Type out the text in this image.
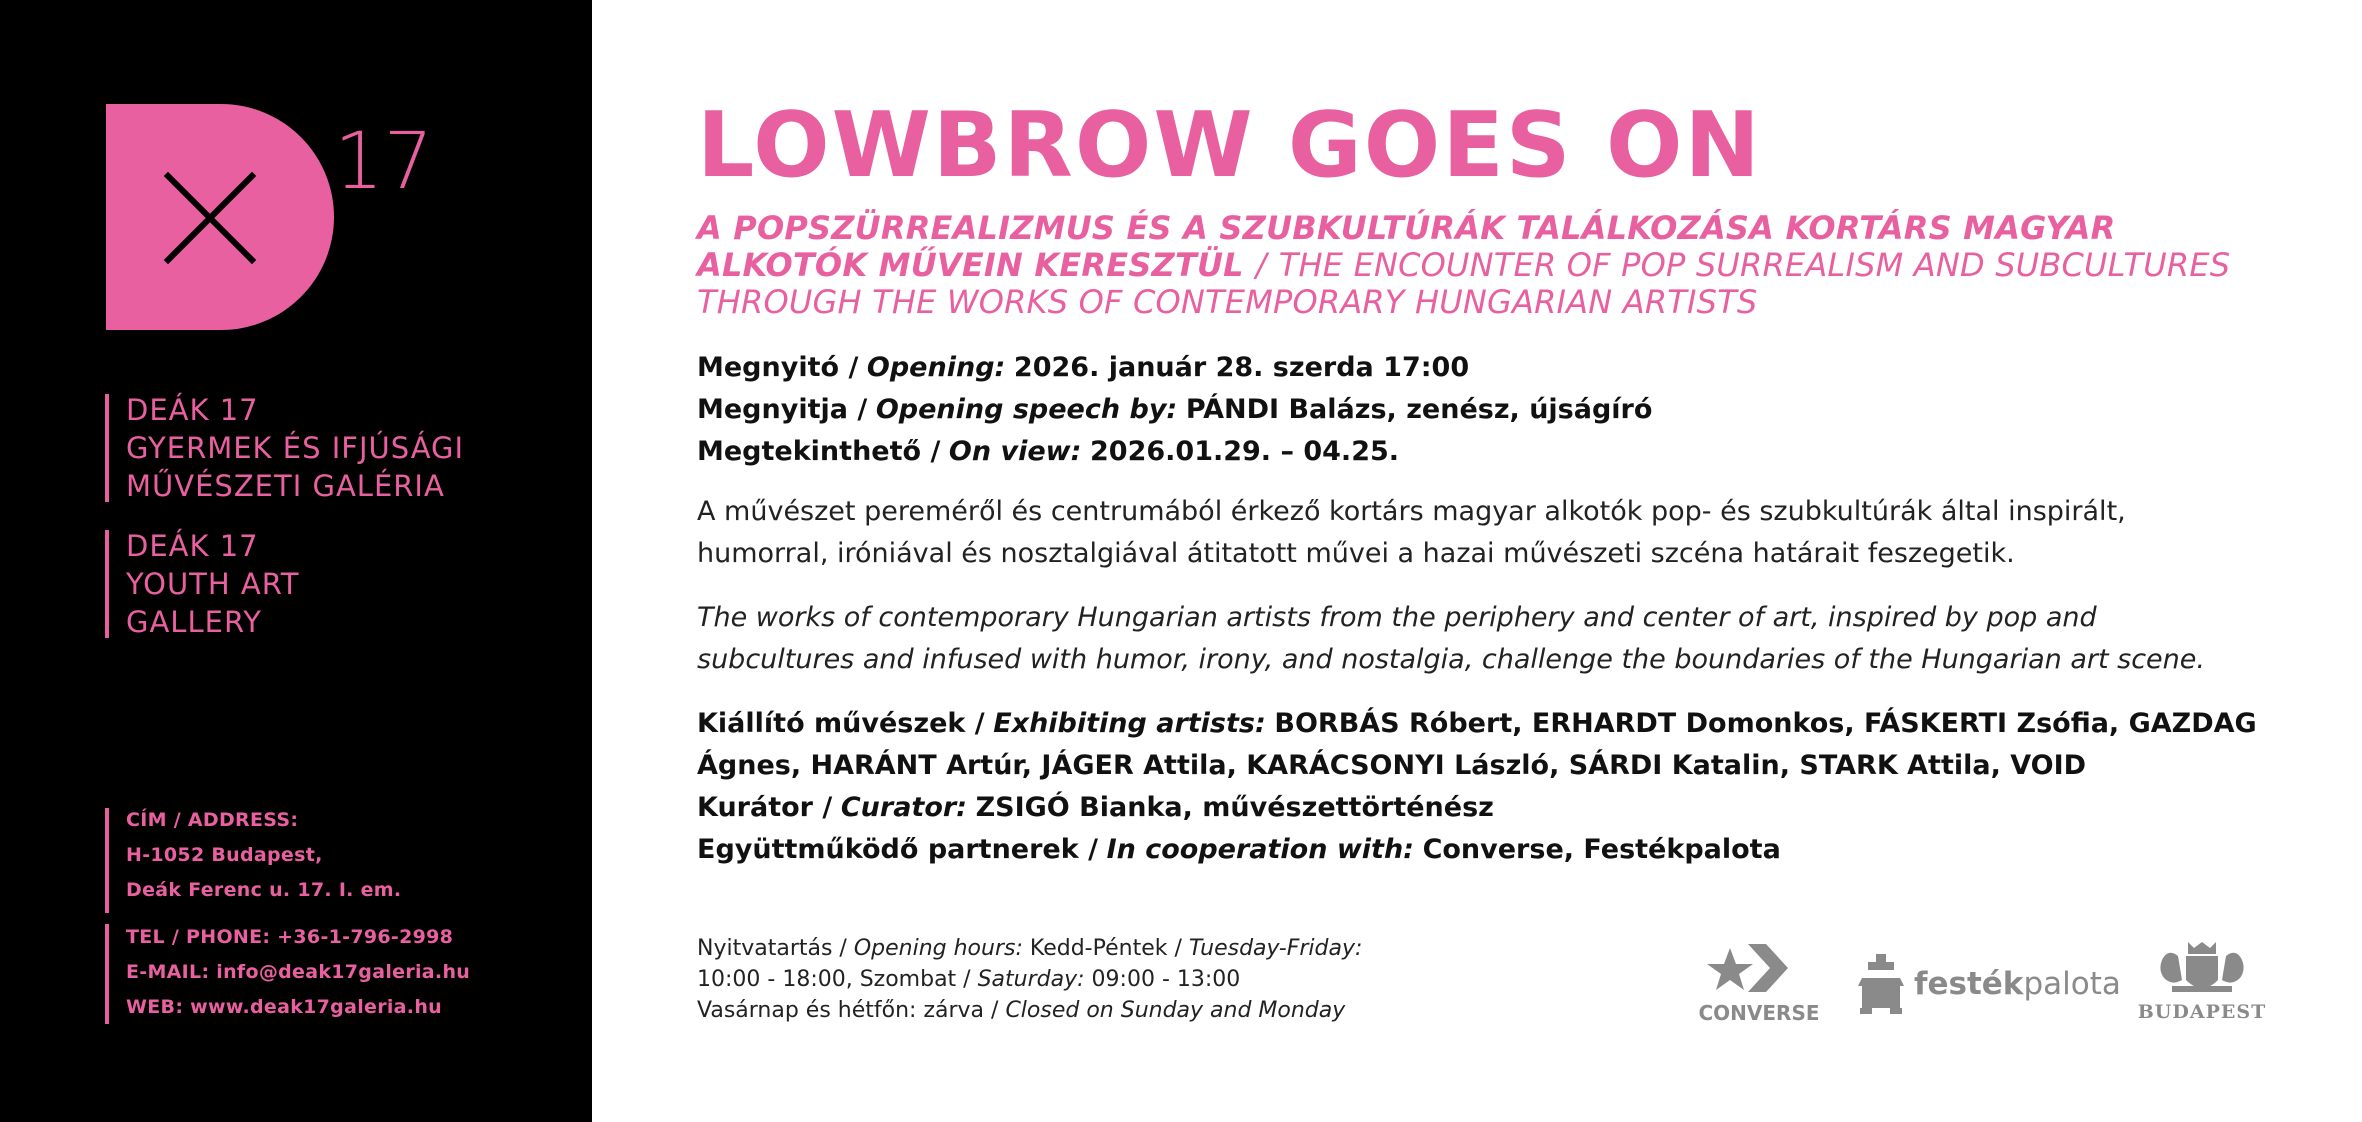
17
DEÁK 17
GYERMEK ÉS IFJÚSÁGI
MŰVÉSZETI GALÉRIA
DEÁK 17
YOUTH ART
GALLERY
CÍM / ADDRESS:
H-1052 Budapest,
Deák Ferenc u. 17. I. em.
TEL / PHONE: +36-1-796-2998
E-MAIL: info@deak17galeria.hu
WEB: www.deak17galeria.hu
LOWBROW GOES ON
A POPSZÜRREALIZMUS ÉS A SZUBKULTÚRÁK TALÁLKOZÁSA KORTÁRS MAGYAR ALKOTÓK MŰVEIN KERESZTÜL / THE ENCOUNTER OF POP SURREALISM AND SUBCULTURES THROUGH THE WORKS OF CONTEMPORARY HUNGARIAN ARTISTS
Megnyitó / Opening: 2026. január 28. szerda 17:00
Megnyitja / Opening speech by: PÁNDI Balázs, zenész, újságíró
Megtekinthető / On view: 2026.01.29. – 04.25.
A művészet pereméről és centrumából érkező kortárs magyar alkotók pop- és szubkultúrák által inspirált, humorral, iróniával és nosztalgiával átitatott művei a hazai művészeti szcéna határait feszegetik.
The works of contemporary Hungarian artists from the periphery and center of art, inspired by pop and subcultures and infused with humor, irony, and nostalgia, challenge the boundaries of the Hungarian art scene.
Kiállító művészek / Exhibiting artists: BORBÁS Róbert, ERHARDT Domonkos, FÁSKERTI Zsófia, GAZDAG Ágnes, HARÁNT Artúr, JÁGER Attila, KARÁCSONYI László, SÁRDI Katalin, STARK Attila, VOID
Kurátor / Curator: ZSIGÓ Bianka, művészettörténész
Együttműködő partnerek / In cooperation with: Converse, Festékpalota
Nyitvatartás / Opening hours: Kedd-Péntek / Tuesday-Friday:
10:00 - 18:00, Szombat / Saturday: 09:00 - 13:00
Vasárnap és hétfőn: zárva / Closed on Sunday and Monday	CONVERSE
festékpalota
BUDAPEST
